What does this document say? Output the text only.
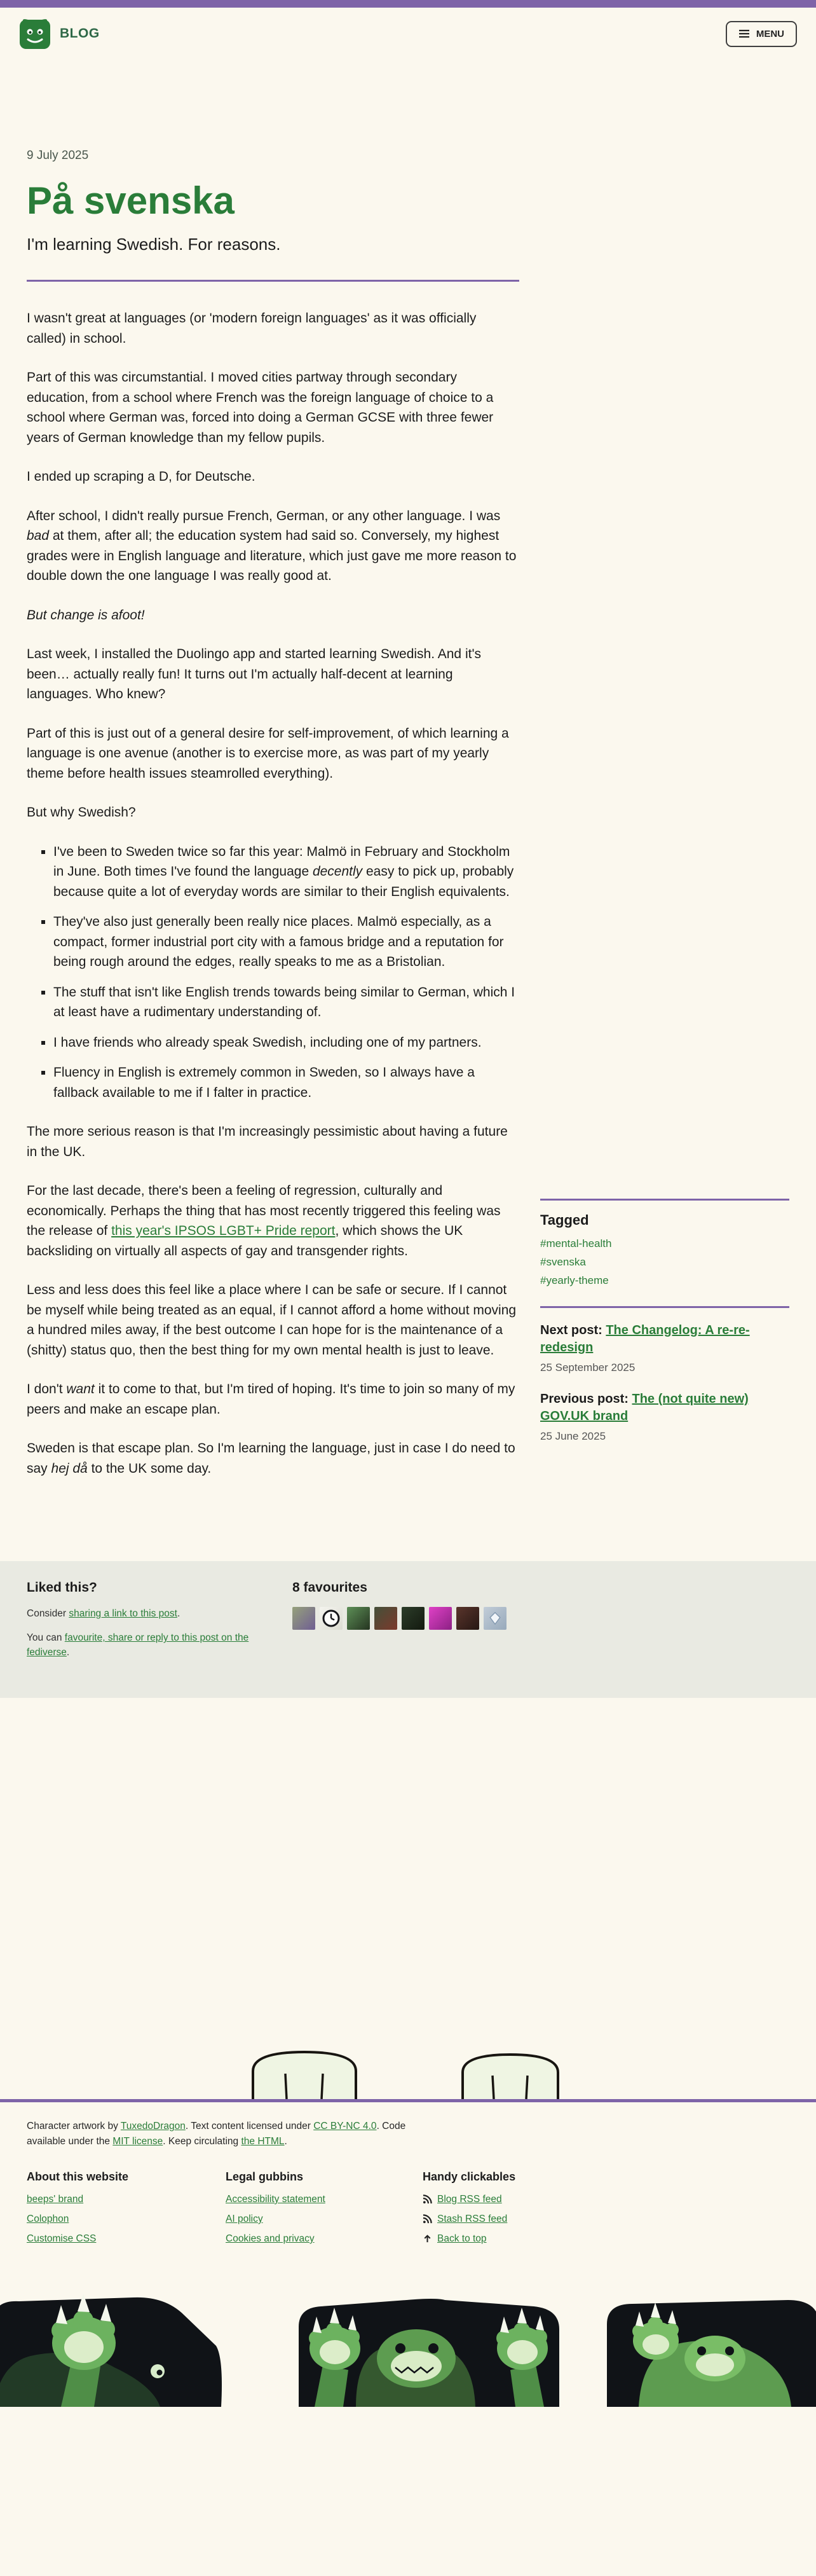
BLOG	MENU

9 July 2025

På svenska

I'm learning Swedish. For reasons.

I wasn't great at languages (or 'modern foreign languages' as it was officially called) in school.

Part of this was circumstantial. I moved cities partway through secondary education, from a school where French was the foreign language of choice to a school where German was, forced into doing a German GCSE with three fewer years of German knowledge than my fellow pupils.

I ended up scraping a D, for Deutsche.

After school, I didn't really pursue French, German, or any other language. I was bad at them, after all; the education system had said so. Conversely, my highest grades were in English language and literature, which just gave me more reason to double down the one language I was really good at.

But change is afoot!

Last week, I installed the Duolingo app and started learning Swedish. And it's been… actually really fun! It turns out I'm actually half-decent at learning languages. Who knew?

Part of this is just out of a general desire for self-improvement, of which learning a language is one avenue (another is to exercise more, as was part of my yearly theme before health issues steamrolled everything).

But why Swedish?

▪ I've been to Sweden twice so far this year: Malmö in February and Stockholm in June. Both times I've found the language decently easy to pick up, probably because quite a lot of everyday words are similar to their English equivalents.
▪ They've also just generally been really nice places. Malmö especially, as a compact, former industrial port city with a famous bridge and a reputation for being rough around the edges, really speaks to me as a Bristolian.
▪ The stuff that isn't like English trends towards being similar to German, which I at least have a rudimentary understanding of.
▪ I have friends who already speak Swedish, including one of my partners.
▪ Fluency in English is extremely common in Sweden, so I always have a fallback available to me if I falter in practice.

The more serious reason is that I'm increasingly pessimistic about having a future in the UK.

For the last decade, there's been a feeling of regression, culturally and economically. Perhaps the thing that has most recently triggered this feeling was the release of this year's IPSOS LGBT+ Pride report, which shows the UK backsliding on virtually all aspects of gay and transgender rights.

Less and less does this feel like a place where I can be safe or secure. If I cannot be myself while being treated as an equal, if I cannot afford a home without moving a hundred miles away, if the best outcome I can hope for is the maintenance of a (shitty) status quo, then the best thing for my own mental health is just to leave.

I don't want it to come to that, but I'm tired of hoping. It's time to join so many of my peers and make an escape plan.

Sweden is that escape plan. So I'm learning the language, just in case I do need to say hej då to the UK some day.

Tagged
#mental-health
#svenska
#yearly-theme

Next post: The Changelog: A re-re-redesign

25 September 2025

Previous post: The (not quite new) GOV.UK brand

25 June 2025

Liked this?

Consider sharing a link to this post.

You can favourite, share or reply to this post on the fediverse.

8 favourites

Character artwork by TuxedoDragon. Text content licensed under CC BY-NC 4.0. Code available under the MIT license. Keep circulating the HTML.

About this website
beeps' brand
Colophon
Customise CSS
Legal gubbins
Accessibility statement
AI policy
Cookies and privacy
Handy clickables
Blog RSS feed
Stash RSS feed
Back to top
